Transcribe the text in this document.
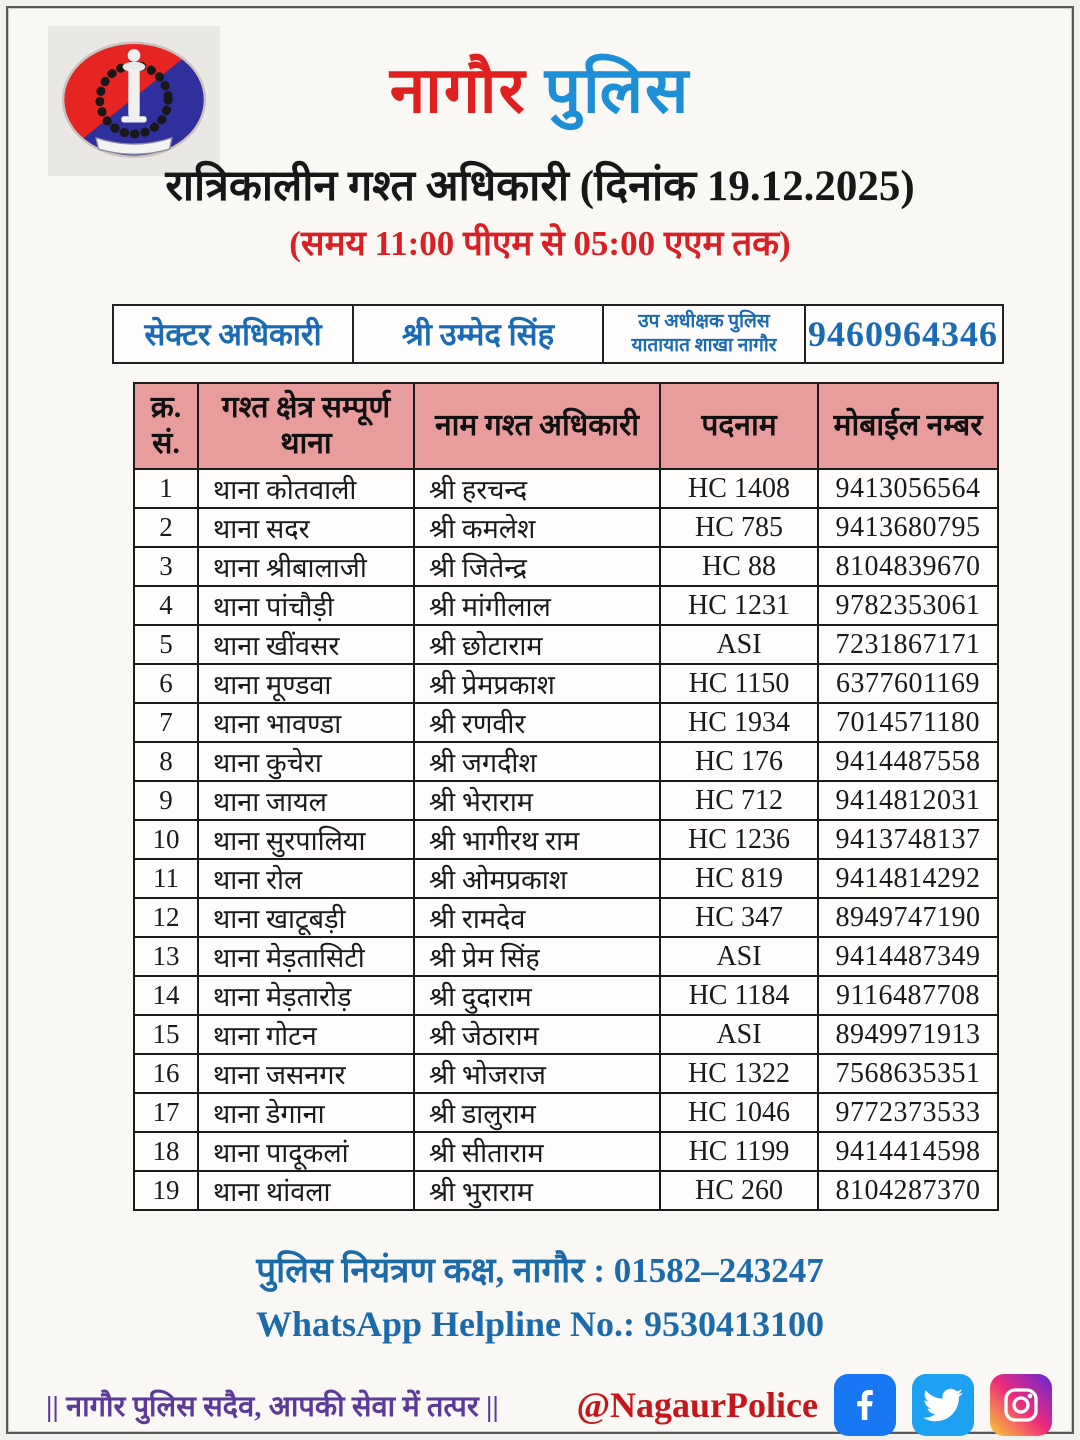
नागौर पुलिस
रात्रिकालीन गश्त अधिकारी (दिनांक 19.12.2025)
(समय 11:00 पीएम से 05:00 एएम तक)
सेक्टर अधिकारी	श्री उम्मेद सिंह	उप अधीक्षक पुलिस
यातायात शाखा नागौर 9460964346
क्र. सं.	गश्त क्षेत्र सम्पूर्ण थाना	नाम गश्त अधिकारी	पदनाम	मोबाईल नम्बर
1	थाना कोतवाली	श्री हरचन्द	HC 1408	9413056564
2	थाना सदर	श्री कमलेश	HC 785	9413680795
3	थाना श्रीबालाजी	श्री जितेन्द्र	HC 88	8104839670
4	थाना पांचौड़ी	श्री मांगीलाल	HC 1231	9782353061
5	थाना खींवसर	श्री छोटाराम	ASI	7231867171
6	थाना मूण्डवा	श्री प्रेमप्रकाश	HC 1150	6377601169
7	थाना भावण्डा	श्री रणवीर	HC 1934	7014571180
8	थाना कुचेरा	श्री जगदीश	HC 176	9414487558
9	थाना जायल	श्री भेराराम	HC 712	9414812031
10	थाना सुरपालिया	श्री भागीरथ राम	HC 1236	9413748137
11	थाना रोल	श्री ओमप्रकाश	HC 819	9414814292
12	थाना खाटूबड़ी	श्री रामदेव	HC 347	8949747190
13	थाना मेड़तासिटी	श्री प्रेम सिंह	ASI	9414487349
14	थाना मेड़तारोड़	श्री दुदाराम	HC 1184	9116487708
15	थाना गोटन	श्री जेठाराम	ASI	8949971913
16	थाना जसनगर	श्री भोजराज	HC 1322	7568635351
17	थाना डेगाना	श्री डालुराम	HC 1046	9772373533
18	थाना पादूकलां	श्री सीताराम	HC 1199	9414414598
19	थाना थांवला	श्री भुराराम	HC 260	8104287370
पुलिस नियंत्रण कक्ष, नागौर : 01582–243247
WhatsApp Helpline No.: 9530413100
|| नागौर पुलिस सदैव, आपकी सेवा में तत्पर || @NagaurPolice
